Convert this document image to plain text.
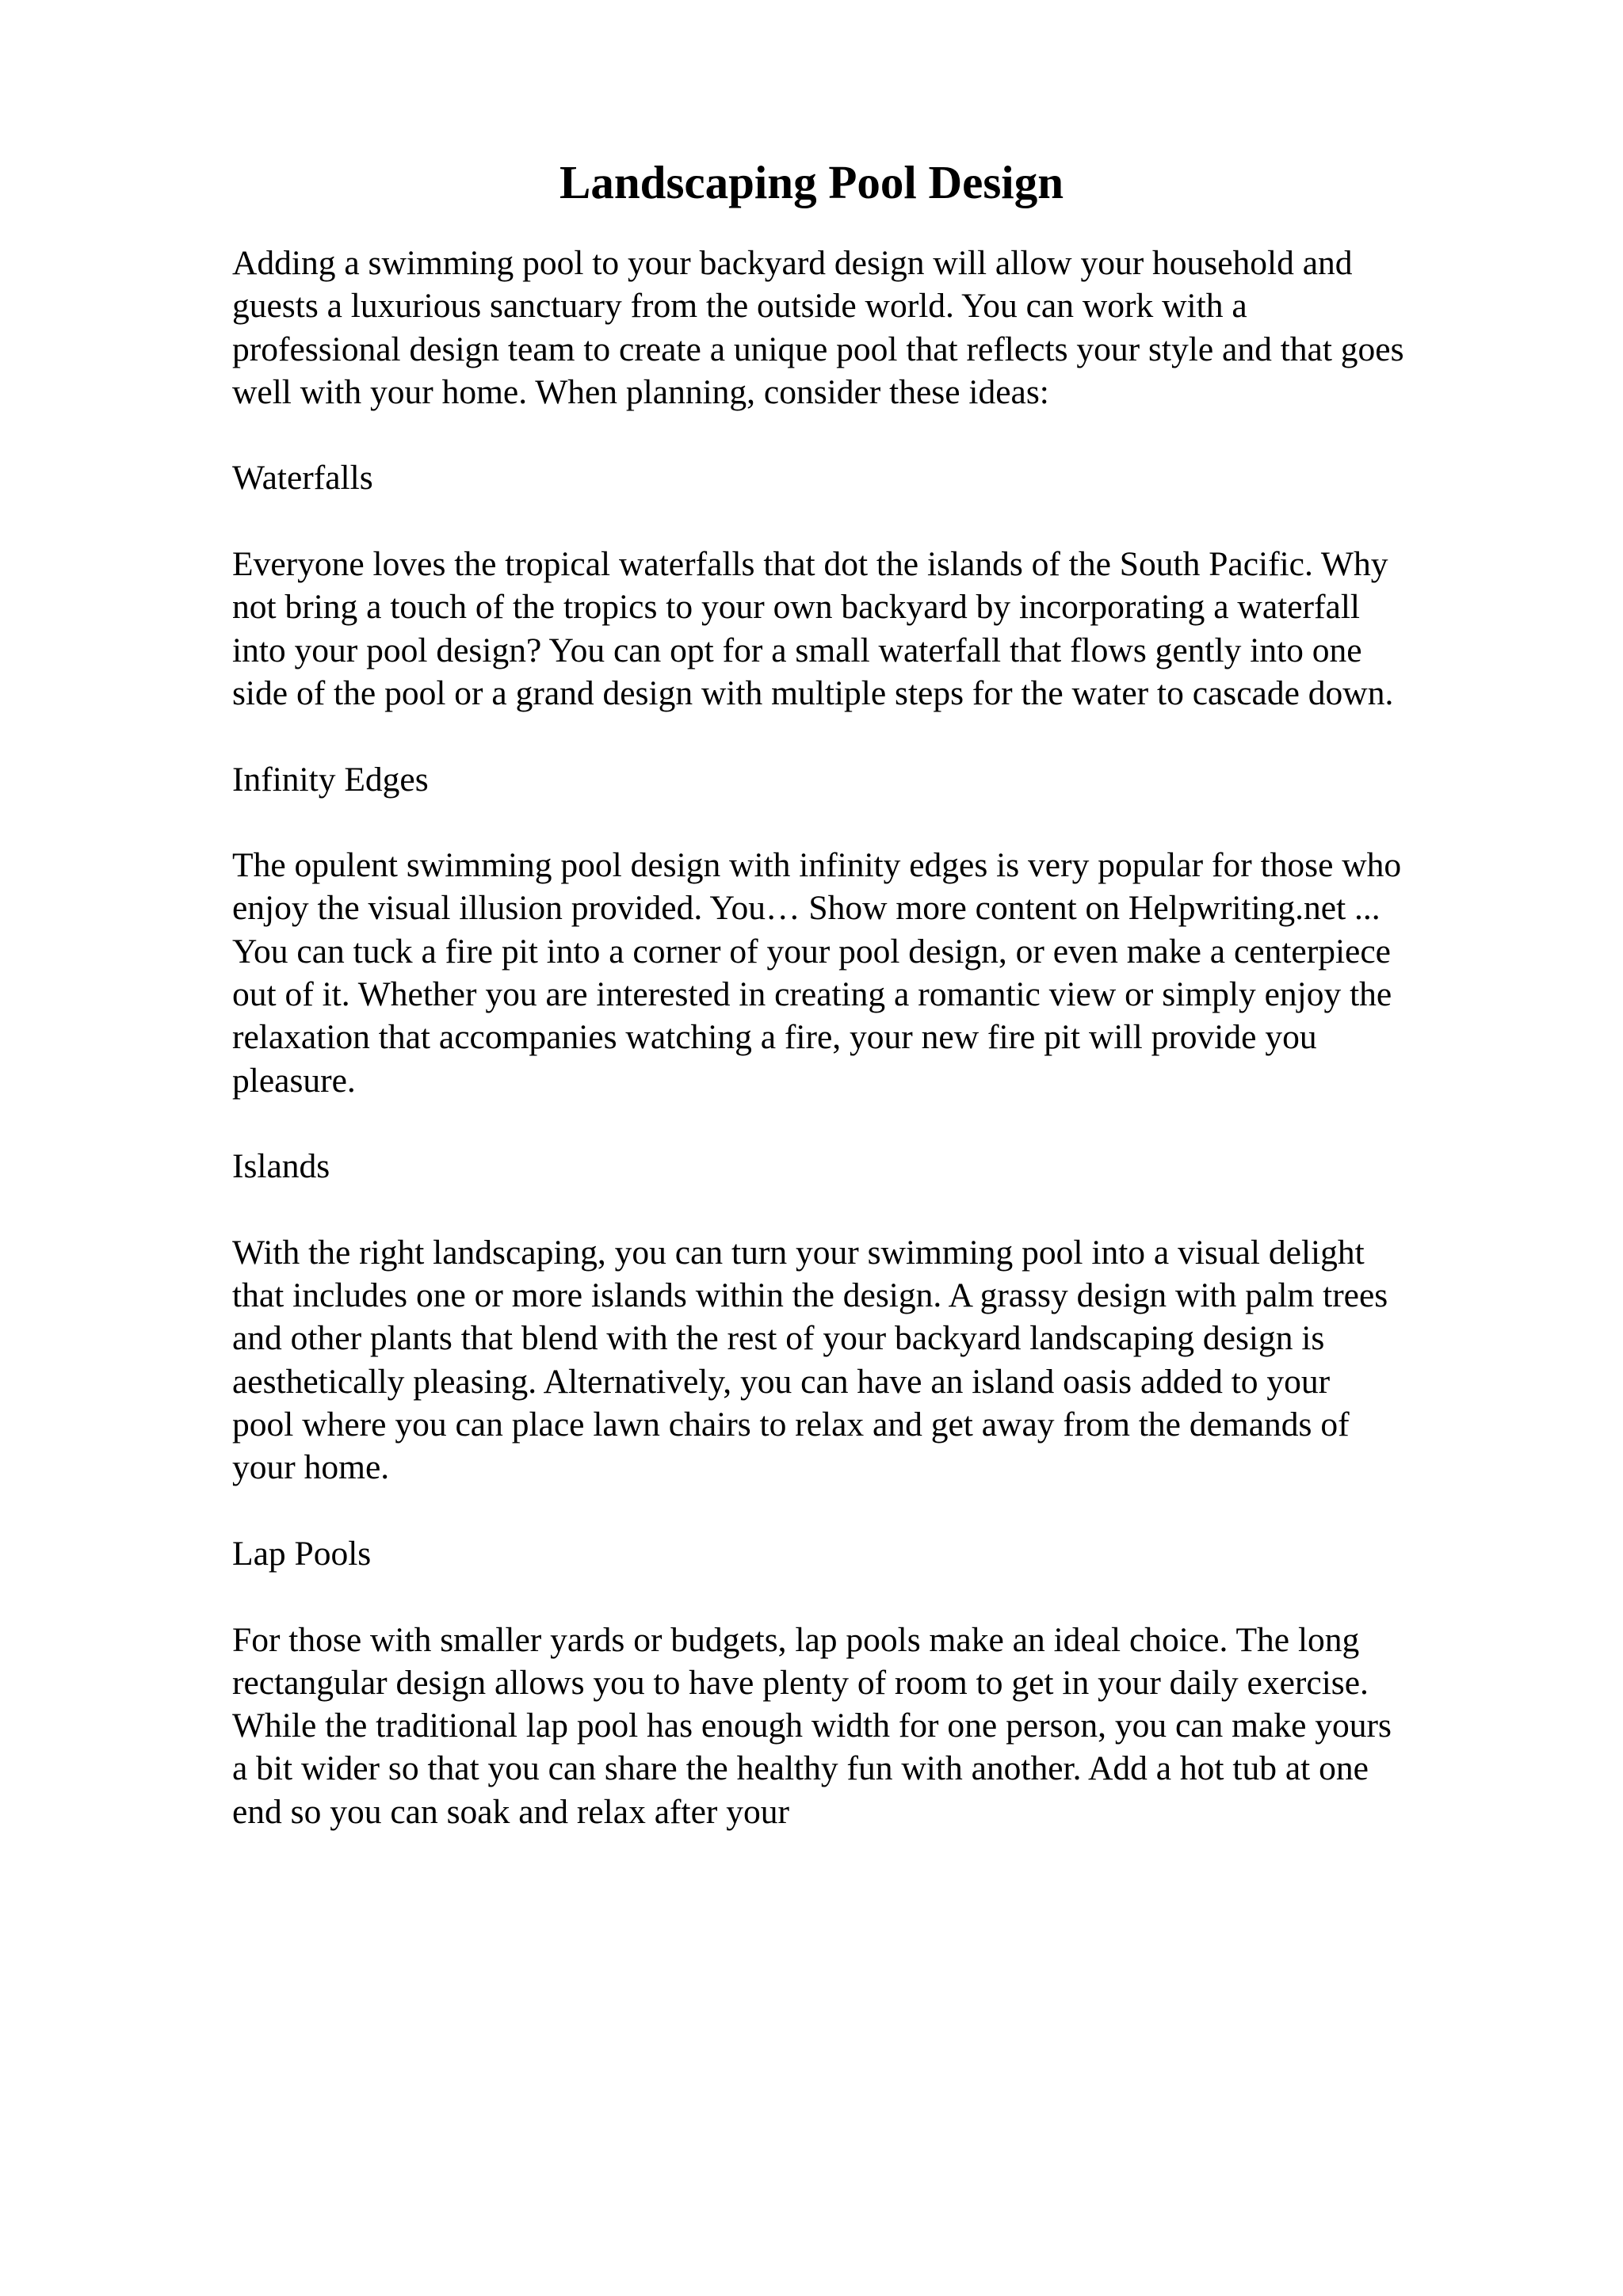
Landscaping Pool Design

Adding a swimming pool to your backyard design will allow your household and
guests a luxurious sanctuary from the outside world. You can work with a
professional design team to create a unique pool that reflects your style and that goes
well with your home. When planning, consider these ideas:

Waterfalls

Everyone loves the tropical waterfalls that dot the islands of the South Pacific. Why
not bring a touch of the tropics to your own backyard by incorporating a waterfall
into your pool design? You can opt for a small waterfall that flows gently into one
side of the pool or a grand design with multiple steps for the water to cascade down.

Infinity Edges

The opulent swimming pool design with infinity edges is very popular for those who
enjoy the visual illusion provided. You… Show more content on Helpwriting.net ...
You can tuck a fire pit into a corner of your pool design, or even make a centerpiece
out of it. Whether you are interested in creating a romantic view or simply enjoy the
relaxation that accompanies watching a fire, your new fire pit will provide you
pleasure.

Islands

With the right landscaping, you can turn your swimming pool into a visual delight
that includes one or more islands within the design. A grassy design with palm trees
and other plants that blend with the rest of your backyard landscaping design is
aesthetically pleasing. Alternatively, you can have an island oasis added to your
pool where you can place lawn chairs to relax and get away from the demands of
your home.

Lap Pools

For those with smaller yards or budgets, lap pools make an ideal choice. The long
rectangular design allows you to have plenty of room to get in your daily exercise.
While the traditional lap pool has enough width for one person, you can make yours
a bit wider so that you can share the healthy fun with another. Add a hot tub at one
end so you can soak and relax after your
